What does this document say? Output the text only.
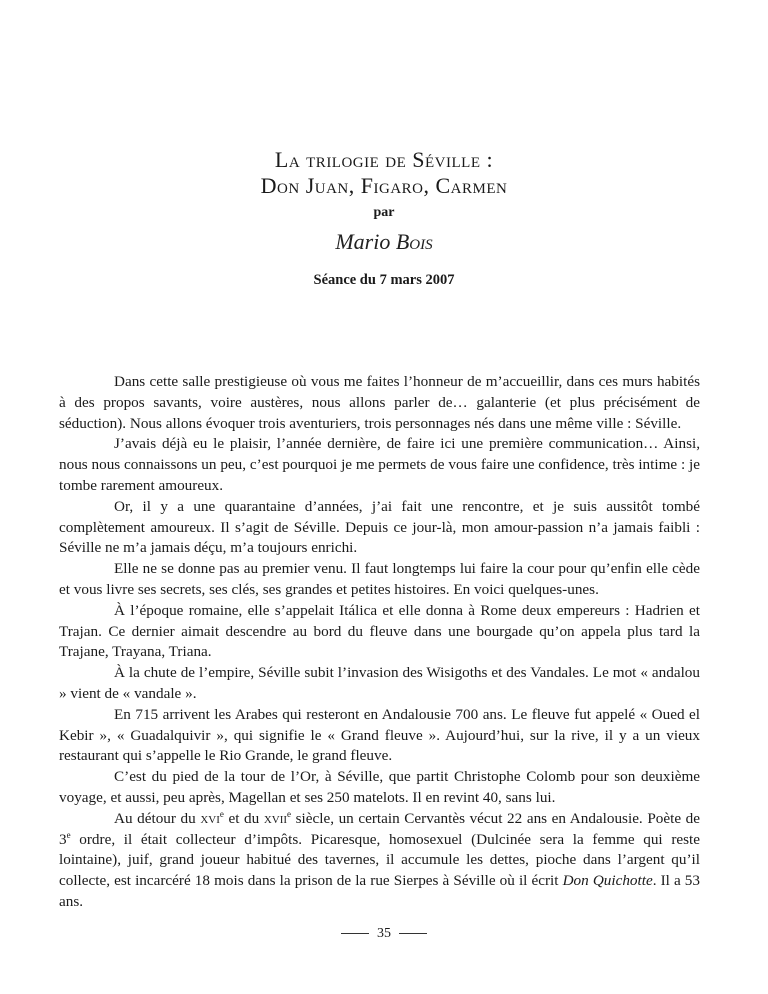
La trilogie de Séville :
Don Juan, Figaro, Carmen
par
Mario Bois
Séance du 7 mars 2007

Dans cette salle prestigieuse où vous me faites l’honneur de m’accueillir, dans ces murs habités à des propos savants, voire austères, nous allons parler de… galanterie (et plus précisément de séduction). Nous allons évoquer trois aventuriers, trois personnages nés dans une même ville : Séville.

J’avais déjà eu le plaisir, l’année dernière, de faire ici une première communication… Ainsi, nous nous connaissons un peu, c’est pourquoi je me permets de vous faire une confidence, très intime : je tombe rarement amoureux.

Or, il y a une quarantaine d’années, j’ai fait une rencontre, et je suis aussitôt tombé complètement amoureux. Il s’agit de Séville. Depuis ce jour-là, mon amour-passion n’a jamais faibli : Séville ne m’a jamais déçu, m’a toujours enrichi.

Elle ne se donne pas au premier venu. Il faut longtemps lui faire la cour pour qu’enfin elle cède et vous livre ses secrets, ses clés, ses grandes et petites histoires. En voici quelques-unes.

À l’époque romaine, elle s’appelait Itálica et elle donna à Rome deux empereurs : Hadrien et Trajan. Ce dernier aimait descendre au bord du fleuve dans une bourgade qu’on appela plus tard la Trajane, Trayana, Triana.

À la chute de l’empire, Séville subit l’invasion des Wisigoths et des Vandales. Le mot « andalou » vient de « vandale ».

En 715 arrivent les Arabes qui resteront en Andalousie 700 ans. Le fleuve fut appelé « Oued el Kebir », « Guadalquivir », qui signifie le « Grand fleuve ». Aujourd’hui, sur la rive, il y a un vieux restaurant qui s’appelle le Rio Grande, le grand fleuve.

C’est du pied de la tour de l’Or, à Séville, que partit Christophe Colomb pour son deuxième voyage, et aussi, peu après, Magellan et ses 250 matelots. Il en revint 40, sans lui.

Au détour du xvi$^e$ et du xvii$^e$ siècle, un certain Cervantès vécut 22 ans en Andalousie. Poète de 3e ordre, il était collecteur d’impôts. Picaresque, homosexuel (Dulcinée sera la femme qui reste lointaine), juif, grand joueur habitué des tavernes, il accumule les dettes, pioche dans l’argent qu’il collecte, est incarcéré 18 mois dans la prison de la rue Sierpes à Séville où il écrit Don Quichotte. Il a 53 ans.

35
